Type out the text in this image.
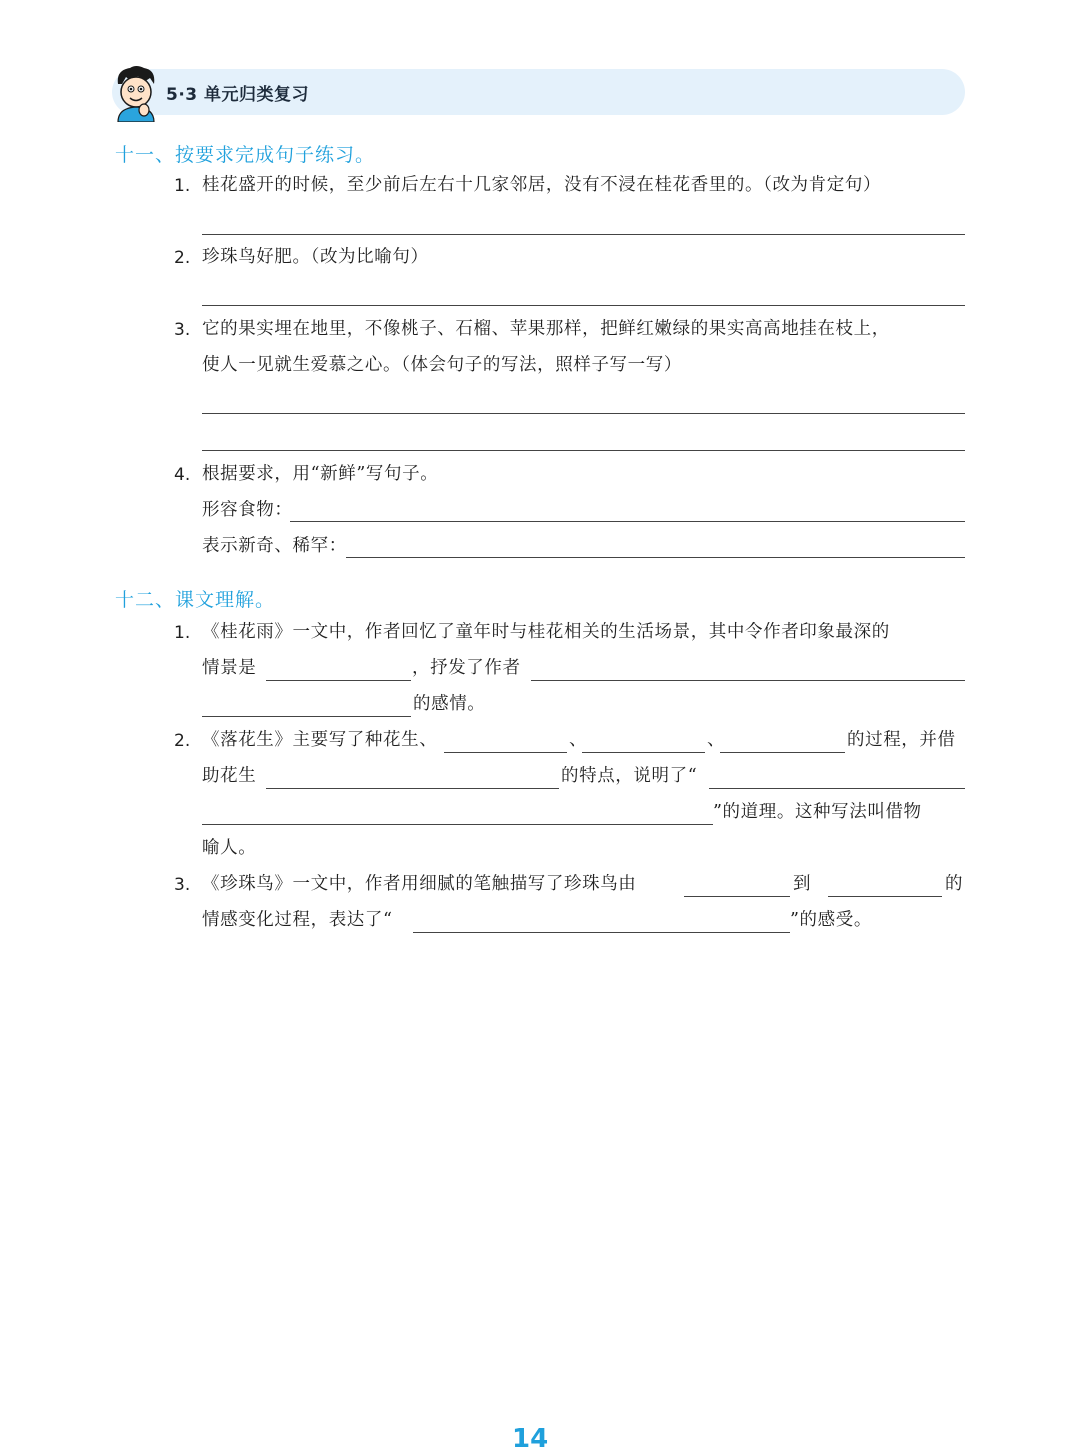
5·3 单元归类复习
十一、按要求完成句子练习。
1. 桂花盛开的时候，至少前后左右十几家邻居，没有不浸在桂花香里的。（改为肯定句）
2. 珍珠鸟好肥。（改为比喻句）
3. 它的果实埋在地里，不像桃子、石榴、苹果那样，把鲜红嫩绿的果实高高地挂在枝上，
使人一见就生爱慕之心。（体会句子的写法，照样子写一写）
4. 根据要求，用“新鲜”写句子。
形容食物：
表示新奇、稀罕：
十二、课文理解。
1. 《桂花雨》一文中，作者回忆了童年时与桂花相关的生活场景，其中令作者印象最深的
情景是	，抒发了作者
的感情。
2. 《落花生》主要写了种花生、	、	、	的过程，并借
助花生	的特点，说明了“
”的道理。这种写法叫借物
喻人。
3. 《珍珠鸟》一文中，作者用细腻的笔触描写了珍珠鸟由	到	的
情感变化过程，表达了“	”的感受。
14
